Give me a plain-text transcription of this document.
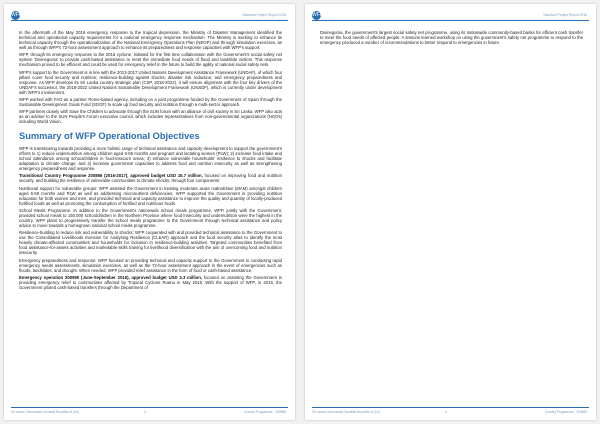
WFP	Standard Project Report 2016

In the aftermath of the May 2016 emergency response to the tropical depression, the Ministry of Disaster Management identified the technical and operational capacity requirements for a national emergency response mechanism. The Ministry is working to enhance its technical capacity through the operationalization of the National Emergency Operations Plan (NEOP) and through simulation exercises, as well as through WFP's 72-hour assessment approach to enhance its preparedness and response capacities with WFP's support.

WFP, through its emergency response to the 2016 cyclone, initiated for the first time collaboration with the Government's social safety net system 'Divineguma' to provide cash-based assistance to meet the immediate food needs of flood and landslide victims. This response mechanism proved to be efficient and could be used for emergency relief in the future to build the agility of national social safety nets.

WFP's support to the Government is in line with the 2013-2017 United Nations Development Assistance Framework (UNDAF), of which four pillars cover food security and nutrition; resilience-building against shocks; disaster risk reduction; and emergency preparedness and response. As WFP develops its Sri Lanka country strategic plan (CSP, 2018-2022), it will ensure alignment with the four key drivers of the UNDAF's successor, the 2018-2022 United Nations Sustainable Development Framework (UNSDF), which is currently under development with WFP's involvement.

WFP worked with FAO as a partner Rome-based agency, including on a joint programme funded by the Government of Spain through the Sustainable Development Goals Fund (SDGF) to scale up food security and nutrition through a multi-sector approach.

WFP partners closely with Save the Children to advocate through the SUN forum with an alliance of civil society in Sri Lanka. WFP also acts as an adviser to the SUN People's Forum executive council, which includes representatives from non-governmental organizations (NGOs) including World Vision.

Summary of WFP Operational Objectives

WFP is transitioning towards providing a more holistic range of technical assistance and capacity development to support the government's efforts to 1) reduce undernutrition among children aged 6-59 months and pregnant and lactating women (PLW); 2) increase food intake and school attendance among schoolchildren in food-insecure areas; 3) enhance vulnerable households' resilience to shocks and facilitate adaptation to climate change; and 4) increase government capacities to address food and nutrition insecurity as well as strengthening emergency preparedness and response.

Transitional Country Programme 200866 (2016-2017), approved budget USD 15.7 million, focused on improving food and nutrition security, and building the resilience of vulnerable communities to climate shocks, through four components:

Nutritional support for vulnerable groups: WFP assisted the Government in treating moderate acute malnutrition (MAM) amongst children aged 6-59 months and PLW as well as addressing micronutrient deficiencies. WFP supported the Government in providing nutrition education for both women and men, and provided technical and capacity assistance to improve the quality and quantity of locally-produced fortified foods as well as promoting the consumption of fortified and nutritious foods.

School Meals Programme: In addition to the Government's nationwide school meals programme, WFP, jointly with the Government, provided school meals to 150,000 schoolchildren in the Northern Province where food insecurity and undernutrition were the highest in the country. WFP plans to progressively transfer the school meals programme to the Government through technical assistance and policy advice to move towards a homegrown national school meals programme.

Resilience-building to reduce risk and vulnerability to shocks: WFP cooperated with and provided technical assistance to the Government to use the Consolidated Livelihoods Exercise for Analysing Resilience (CLEAR) approach and the food security atlas to identify the most heavily climate-affected communities and households for inclusion in resilience-building activities. Targeted communities benefited from food assistance-for-assets activities and marketable skills training for livelihood diversification with the aim of overcoming food and nutrition insecurity.

Emergency preparedness and response: WFP focused on providing technical and capacity support to the Government in conducting rapid emergency needs assessments, simulation exercises, as well as the 72-hour assessment approach in the event of emergencies such as floods, landslides, and drought. When needed, WFP provided relief assistance in the form of food or cash-based assistance.

Emergency operation 200990 (June-September 2016), approved budget USD 3.3 million, focused on assisting the Government in providing emergency relief to communities affected by Tropical Cyclone Roanu in May 2016. With the support of WFP, in 2016, the Government piloted cash-based transfers through the Department of

Sri Lanka, Democratic Socialist Republic of (LK)	3	Country Programme - 200866
WFP	Standard Project Report 2016

Divineguma, the government's largest social safety net programme, using its nationwide community-based banks for efficient cash transfer to meet the food needs of affected people. A lessons learned workshop on using the government's safety net programme to respond to the emergency produced a number of recommendations to better respond to emergencies in future.

Sri Lanka, Democratic Socialist Republic of (LK)	4	Country Programme - 200866
